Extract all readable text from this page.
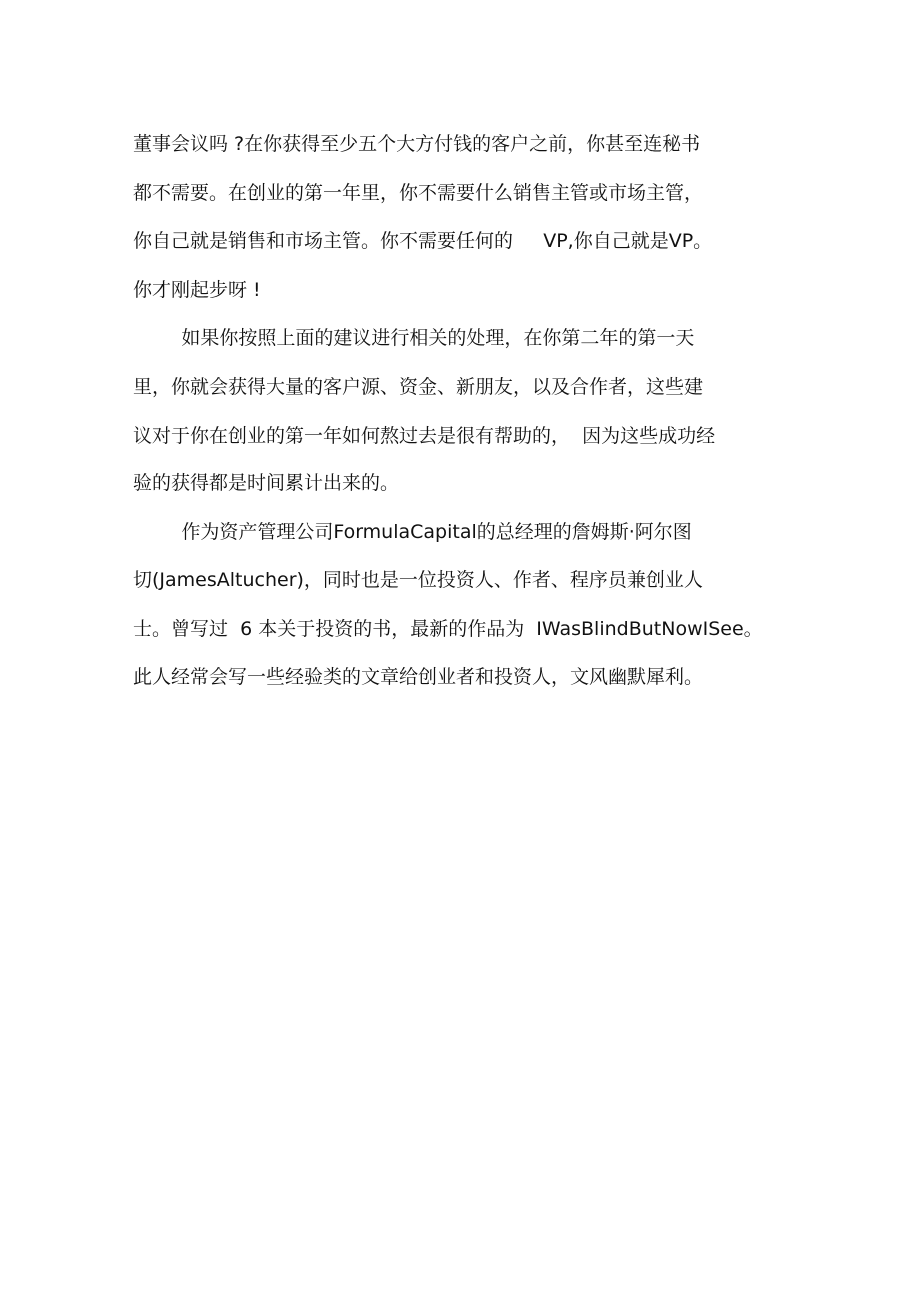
董事会议吗 ?在你获得至少五个大方付钱的客户之前，你甚至连秘书

都不需要。在创业的第一年里，你不需要什么销售主管或市场主管，

你自己就是销售和市场主管。你不需要任何的     VP,你自己就是VP。

你才刚起步呀 !

如果你按照上面的建议进行相关的处理，在你第二年的第一天

里，你就会获得大量的客户源、资金、新朋友，以及合作者，这些建

议对于你在创业的第一年如何熬过去是很有帮助的，  因为这些成功经

验的获得都是时间累计出来的。

作为资产管理公司FormulaCapital的总经理的詹姆斯·阿尔图

切(JamesAltucher)，同时也是一位投资人、作者、程序员兼创业人

士。曾写过  6 本关于投资的书，最新的作品为  IWasBlindButNowISee。

此人经常会写一些经验类的文章给创业者和投资人，文风幽默犀利。
